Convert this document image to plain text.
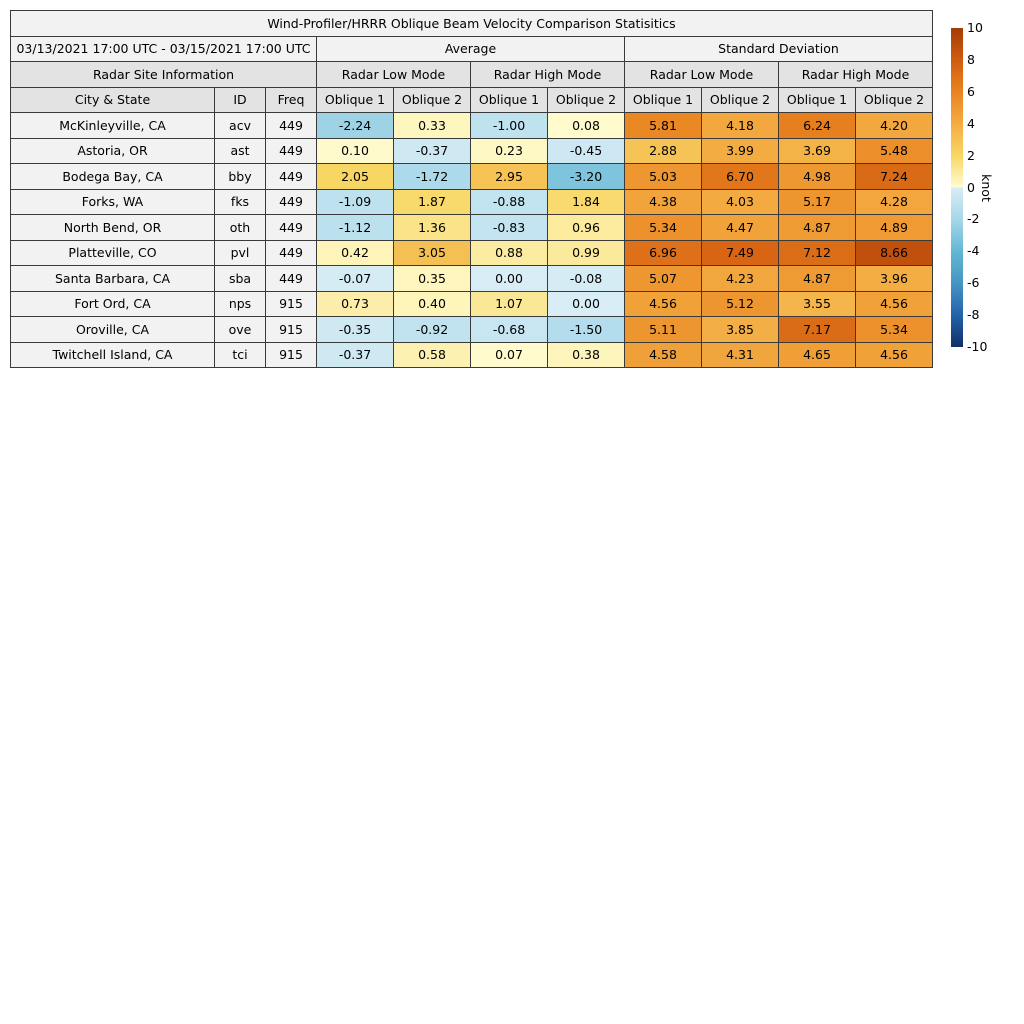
Wind-Profiler/HRRR Oblique Beam Velocity Comparison Statisitics										
03/13/2021 17:00 UTC - 03/15/2021 17:00 UTC			Average				Standard Deviation			
Radar Site Information			Radar Low Mode		Radar High Mode		Radar Low Mode		Radar High Mode	
City & State	ID	Freq	Oblique 1	Oblique 2	Oblique 1	Oblique 2	Oblique 1	Oblique 2	Oblique 1	Oblique 2
McKinleyville, CA	acv	449	-2.24	0.33	-1.00	0.08	5.81	4.18	6.24	4.20
Astoria, OR	ast	449	0.10	-0.37	0.23	-0.45	2.88	3.99	3.69	5.48
Bodega Bay, CA	bby	449	2.05	-1.72	2.95	-3.20	5.03	6.70	4.98	7.24
Forks, WA	fks	449	-1.09	1.87	-0.88	1.84	4.38	4.03	5.17	4.28
North Bend, OR	oth	449	-1.12	1.36	-0.83	0.96	5.34	4.47	4.87	4.89
Platteville, CO	pvl	449	0.42	3.05	0.88	0.99	6.96	7.49	7.12	8.66
Santa Barbara, CA	sba	449	-0.07	0.35	0.00	-0.08	5.07	4.23	4.87	3.96
Fort Ord, CA	nps	915	0.73	0.40	1.07	0.00	4.56	5.12	3.55	4.56
Oroville, CA	ove	915	-0.35	-0.92	-0.68	-1.50	5.11	3.85	7.17	5.34
Twitchell Island, CA	tci	915	-0.37	0.58	0.07	0.38	4.58	4.31	4.65	4.56
10
8
6
4
2
0
-2
-4
-6
-8
-10
knot
